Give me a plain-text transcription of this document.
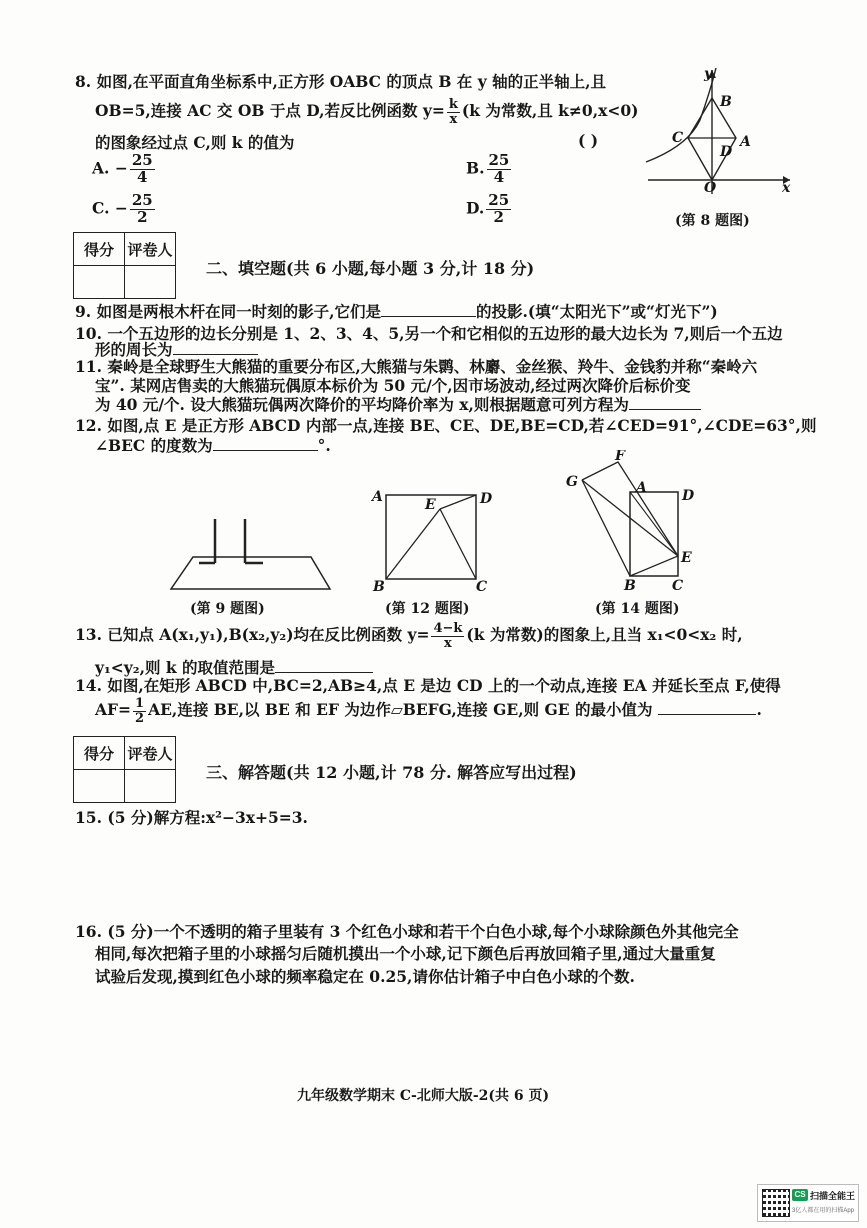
8. 如图,在平面直角坐标系中,正方形 OABC 的顶点 B 在 y 轴的正半轴上,且
OB=5,连接 AC 交 OB 于点 D,若反比例函数 $y= \frac{k}{x} (k$ 为常数,且 k≠0,x<0)
的图象经过点 C,则 k 的值为	( )
A. − $\frac{25}{4}$	B. $\frac{25}{4}$
C. − $\frac{25}{2}$	D. $\frac{25}{2}$
y
x
B
C
D
A
O
(第 8 题图)
得分	评卷人

二、填空题(共 6 小题,每小题 3 分,计 18 分)
9. 如图是两根木杆在同一时刻的影子,它们是	的投影.(填“太阳光下”或“灯光下”)
10. 一个五边形的边长分别是 1、2、3、4、5,另一个和它相似的五边形的最大边长为 7,则后一个五边
形的周长为
11. 秦岭是全球野生大熊猫的重要分布区,大熊猫与朱鹮、林麝、金丝猴、羚牛、金钱豹并称“秦岭六
宝”. 某网店售卖的大熊猫玩偶原本标价为 50 元/个,因市场波动,经过两次降价后标价变
为 40 元/个. 设大熊猫玩偶两次降价的平均降价率为 x,则根据题意可列方程为
12. 如图,点 E 是正方形 ABCD 内部一点,连接 BE、CE、DE,BE=CD,若∠CED=91°,∠CDE=63°,则
∠BEC 的度数为	°.
(第 9 题图)
A	D
E
B	C
(第 12 题图)
G
F
A	D
E
B	C
(第 14 题图)
13. 已知点 A(x₁,y₁),B(x₂,y₂)均在反比例函数 $y= \frac{4-k}{x} (k$ 为常数)的图象上,且当 x₁<0<x₂ 时,
y₁<y₂,则 k 的取值范围是
14. 如图,在矩形 ABCD 中,BC=2,AB≥4,点 E 是边 CD 上的一个动点,连接 EA 并延长至点 F,使得
$AF= \frac{1}{2}$ AE,连接 BE,以 BE 和 EF 为边作▱BEFG,连接 GE,则 GE 的最小值为	.
得分	评卷人

三、解答题(共 12 小题,计 78 分. 解答应写出过程)
15. (5 分)解方程:x²−3x+5=3.
16. (5 分)一个不透明的箱子里装有 3 个红色小球和若干个白色小球,每个小球除颜色外其他完全
相同,每次把箱子里的小球摇匀后随机摸出一个小球,记下颜色后再放回箱子里,通过大量重复
试验后发现,摸到红色小球的频率稳定在 0.25,请你估计箱子中白色小球的个数.
九年级数学期末 C-北师大版-2(共 6 页)
CS 扫描全能王
3亿人都在用的扫描App
